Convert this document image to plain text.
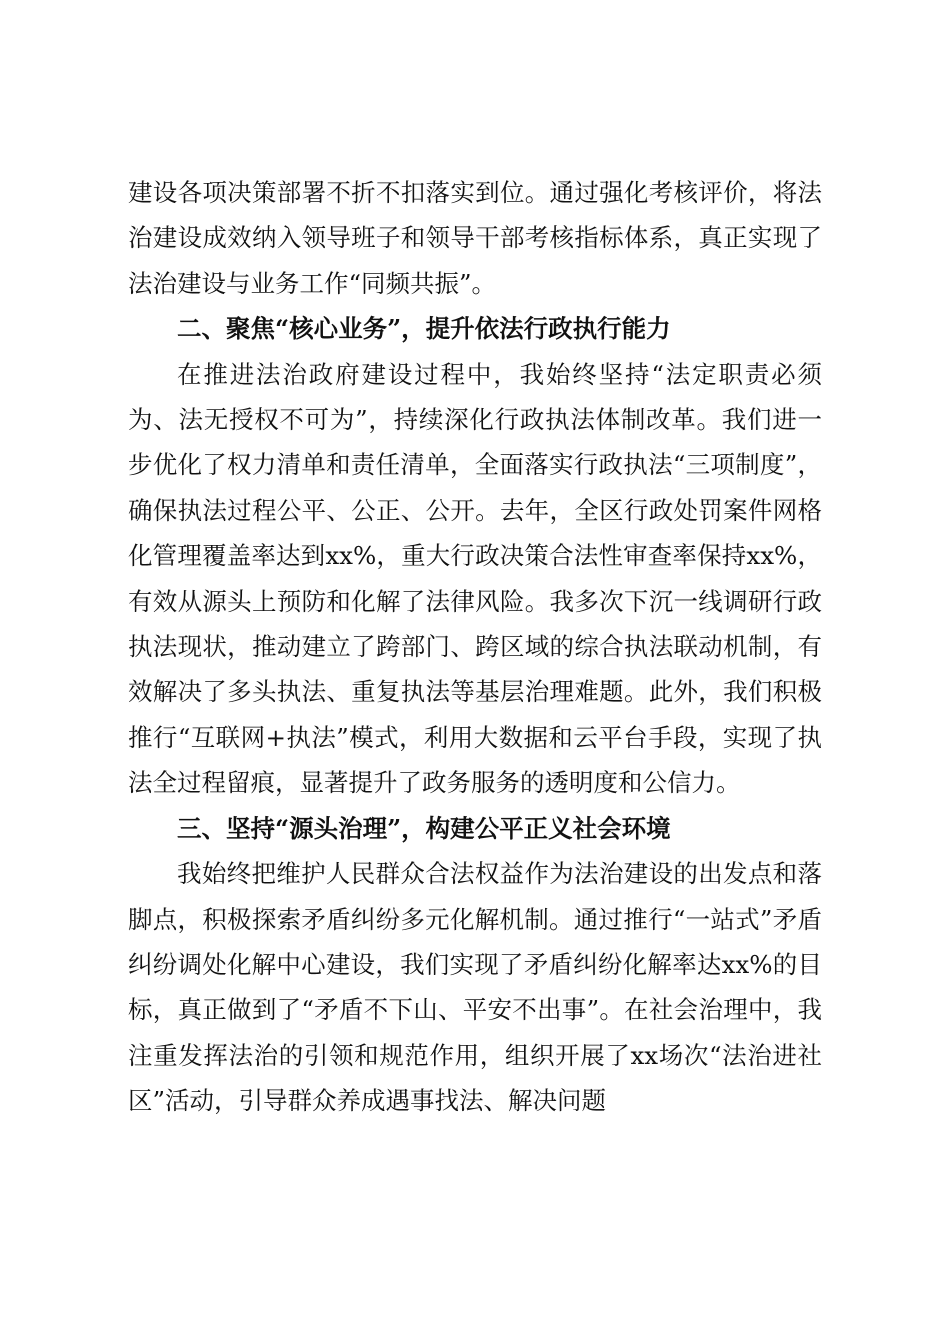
建设各项决策部署不折不扣落实到位。通过强化考核评价，将法治建设成效纳入领导班子和领导干部考核指标体系，真正实现了法治建设与业务工作“同频共振”。

二、聚焦“核心业务”，提升依法行政执行能力

在推进法治政府建设过程中，我始终坚持“法定职责必须为、法无授权不可为”，持续深化行政执法体制改革。我们进一步优化了权力清单和责任清单，全面落实行政执法“三项制度”，确保执法过程公平、公正、公开。去年，全区行政处罚案件网格化管理覆盖率达到xx%，重大行政决策合法性审查率保持xx%，有效从源头上预防和化解了法律风险。我多次下沉一线调研行政执法现状，推动建立了跨部门、跨区域的综合执法联动机制，有效解决了多头执法、重复执法等基层治理难题。此外，我们积极推行“互联网+执法”模式，利用大数据和云平台手段，实现了执法全过程留痕，显著提升了政务服务的透明度和公信力。

三、坚持“源头治理”，构建公平正义社会环境

我始终把维护人民群众合法权益作为法治建设的出发点和落脚点，积极探索矛盾纠纷多元化解机制。通过推行“一站式”矛盾纠纷调处化解中心建设，我们实现了矛盾纠纷化解率达xx%的目标，真正做到了“矛盾不下山、平安不出事”。在社会治理中，我注重发挥法治的引领和规范作用，组织开展了xx场次“法治进社区”活动，引导群众养成遇事找法、解决问题
